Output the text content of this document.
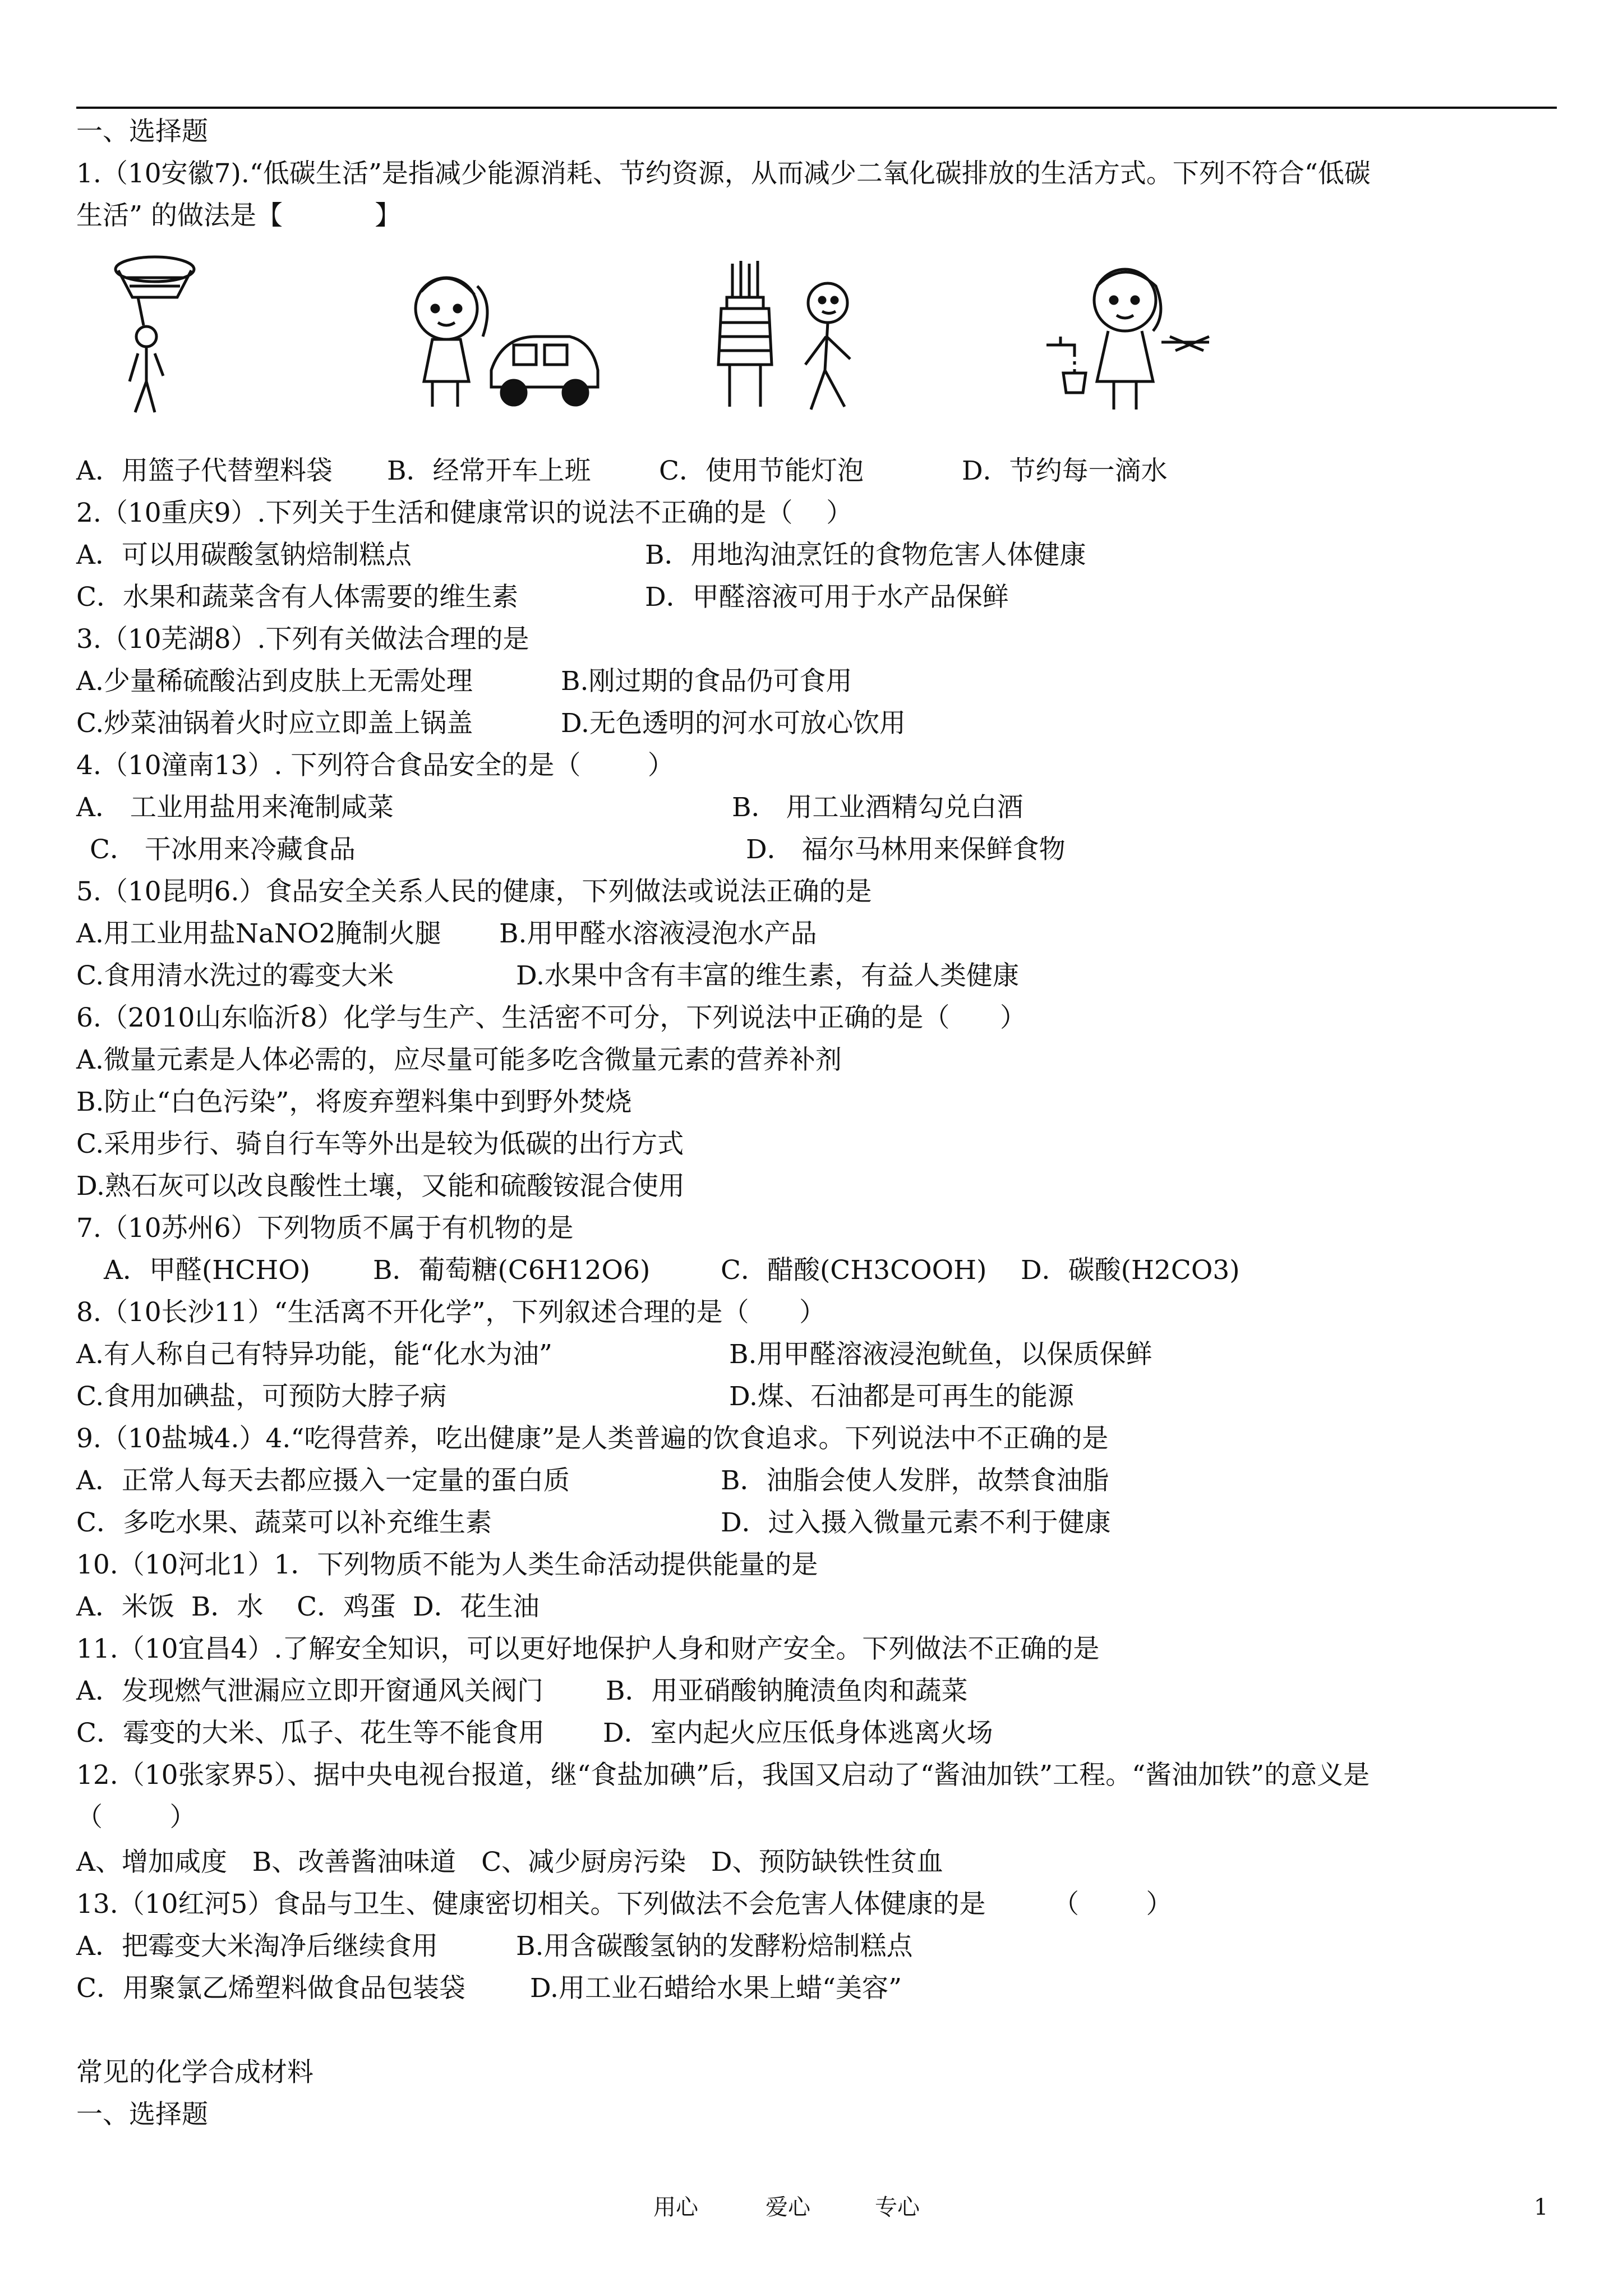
一、选择题
1.（10安徽7).“低碳生活”是指减少能源消耗、节约资源，从而减少二氧化碳排放的生活方式。下列不符合“低碳
生活” 的做法是【           】
A．用篮子代替塑料袋 B．经常开车上班	C．使用节能灯泡	D．节约每一滴水
2.（10重庆9）.下列关于生活和健康常识的说法不正确的是（    ）
A．可以用碳酸氢钠焙制糕点	B．用地沟油烹饪的食物危害人体健康
C．水果和蔬菜含有人体需要的维生素	D．甲醛溶液可用于水产品保鲜
3.（10芜湖8）.下列有关做法合理的是
A.少量稀硫酸沾到皮肤上无需处理	B.刚过期的食品仍可食用
C.炒菜油锅着火时应立即盖上锅盖	D.无色透明的河水可放心饮用
4.（10潼南13）. 下列符合食品安全的是（        ）
A． 工业用盐用来淹制咸菜	B． 用工业酒精勾兑白酒
C． 干冰用来冷藏食品	D． 福尔马林用来保鲜食物
5.（10昆明6.）食品安全关系人民的健康，下列做法或说法正确的是
A.用工业用盐NaNO2腌制火腿 B.用甲醛水溶液浸泡水产品
C.食用清水洗过的霉变大米	D.水果中含有丰富的维生素，有益人类健康
6.（2010山东临沂8）化学与生产、生活密不可分，下列说法中正确的是（      ）
A.微量元素是人体必需的，应尽量可能多吃含微量元素的营养补剂
B.防止“白色污染”，将废弃塑料集中到野外焚烧
C.采用步行、骑自行车等外出是较为低碳的出行方式
D.熟石灰可以改良酸性土壤，又能和硫酸铵混合使用
7.（10苏州6）下列物质不属于有机物的是
A．甲醛(HCHO) B．葡萄糖(C6H12O6)	C．醋酸(CH3COOH) D．碳酸(H2CO3)
8.（10长沙11）“生活离不开化学”，下列叙述合理的是（      ）
A.有人称自己有特异功能，能“化水为油”	B.用甲醛溶液浸泡鱿鱼，以保质保鲜
C.食用加碘盐，可预防大脖子病	D.煤、石油都是可再生的能源
9.（10盐城4.）4.“吃得营养，吃出健康”是人类普遍的饮食追求。下列说法中不正确的是
A．正常人每天去都应摄入一定量的蛋白质	B．油脂会使人发胖，故禁食油脂
C．多吃水果、蔬菜可以补充维生素	D．过入摄入微量元素不利于健康
10.（10河北1）1．下列物质不能为人类生命活动提供能量的是
A．米饭  B．水    C．鸡蛋  D．花生油
11.（10宜昌4）.了解安全知识，可以更好地保护人身和财产安全。下列做法不正确的是
A．发现燃气泄漏应立即开窗通风关阀门 B．用亚硝酸钠腌渍鱼肉和蔬菜
C．霉变的大米、瓜子、花生等不能食用 D．室内起火应压低身体逃离火场
12.（10张家界5）、据中央电视台报道，继“食盐加碘”后，我国又启动了“酱油加铁”工程。“酱油加铁”的意义是
（        ）
A、增加咸度   B、改善酱油味道   C、减少厨房污染   D、预防缺铁性贫血
13.（10红河5）食品与卫生、健康密切相关。下列做法不会危害人体健康的是        （        ）
A．把霉变大米淘净后继续食用	B.用含碳酸氢钠的发酵粉焙制糕点
C．用聚氯乙烯塑料做食品包装袋 D.用工业石蜡给水果上蜡“美容”
常见的化学合成材料
一、选择题
用心	爱心	专心	1
